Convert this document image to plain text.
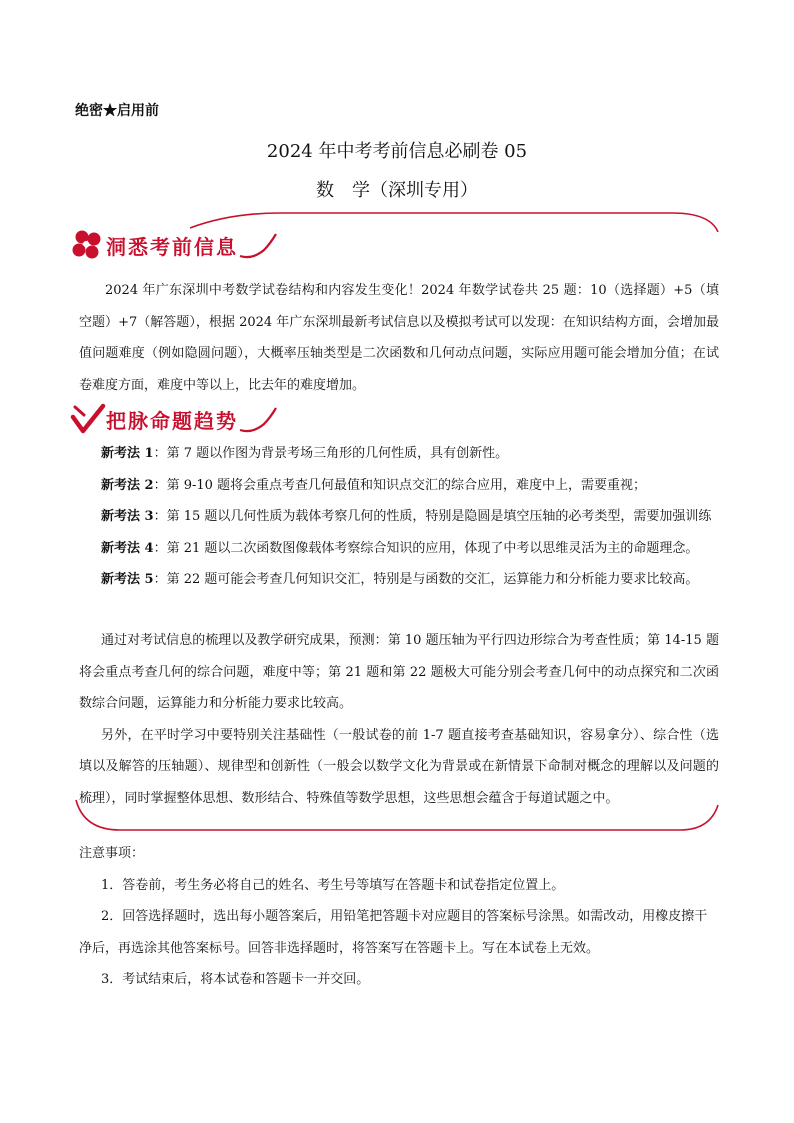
绝密★启用前
2024 年中考考前信息必刷卷 05
数　学（深圳专用）
洞悉考前信息

2024 年广东深圳中考数学试卷结构和内容发生变化！2024 年数学试卷共 25 题：10（选择题）+5（填空题）+7（解答题），根据 2024 年广东深圳最新考试信息以及模拟考试可以发现：在知识结构方面，会增加最值问题难度（例如隐圆问题），大概率压轴类型是二次函数和几何动点问题，实际应用题可能会增加分值；在试卷难度方面，难度中等以上，比去年的难度增加。

把脉命题趋势

新考法 1：第 7 题以作图为背景考场三角形的几何性质，具有创新性。

新考法 2：第 9-10 题将会重点考查几何最值和知识点交汇的综合应用，难度中上，需要重视；

新考法 3：第 15 题以几何性质为载体考察几何的性质，特别是隐圆是填空压轴的必考类型，需要加强训练

新考法 4：第 21 题以二次函数图像载体考察综合知识的应用，体现了中考以思维灵活为主的命题理念。

新考法 5：第 22 题可能会考查几何知识交汇，特别是与函数的交汇，运算能力和分析能力要求比较高。

通过对考试信息的梳理以及教学研究成果，预测：第 10 题压轴为平行四边形综合为考查性质；第 14-15 题将会重点考查几何的综合问题，难度中等；第 21 题和第 22 题极大可能分别会考查几何中的动点探究和二次函数综合问题，运算能力和分析能力要求比较高。

另外，在平时学习中要特别关注基础性（一般试卷的前 1-7 题直接考查基础知识，容易拿分）、综合性（选填以及解答的压轴题）、规律型和创新性（一般会以数学文化为背景或在新情景下命制对概念的理解以及问题的梳理），同时掌握整体思想、数形结合、特殊值等数学思想，这些思想会蕴含于每道试题之中。

注意事项：

1．答卷前，考生务必将自己的姓名、考生号等填写在答题卡和试卷指定位置上。

2．回答选择题时，选出每小题答案后，用铅笔把答题卡对应题目的答案标号涂黑。如需改动，用橡皮擦干净后，再选涂其他答案标号。回答非选择题时，将答案写在答题卡上。写在本试卷上无效。

3．考试结束后，将本试卷和答题卡一并交回。
